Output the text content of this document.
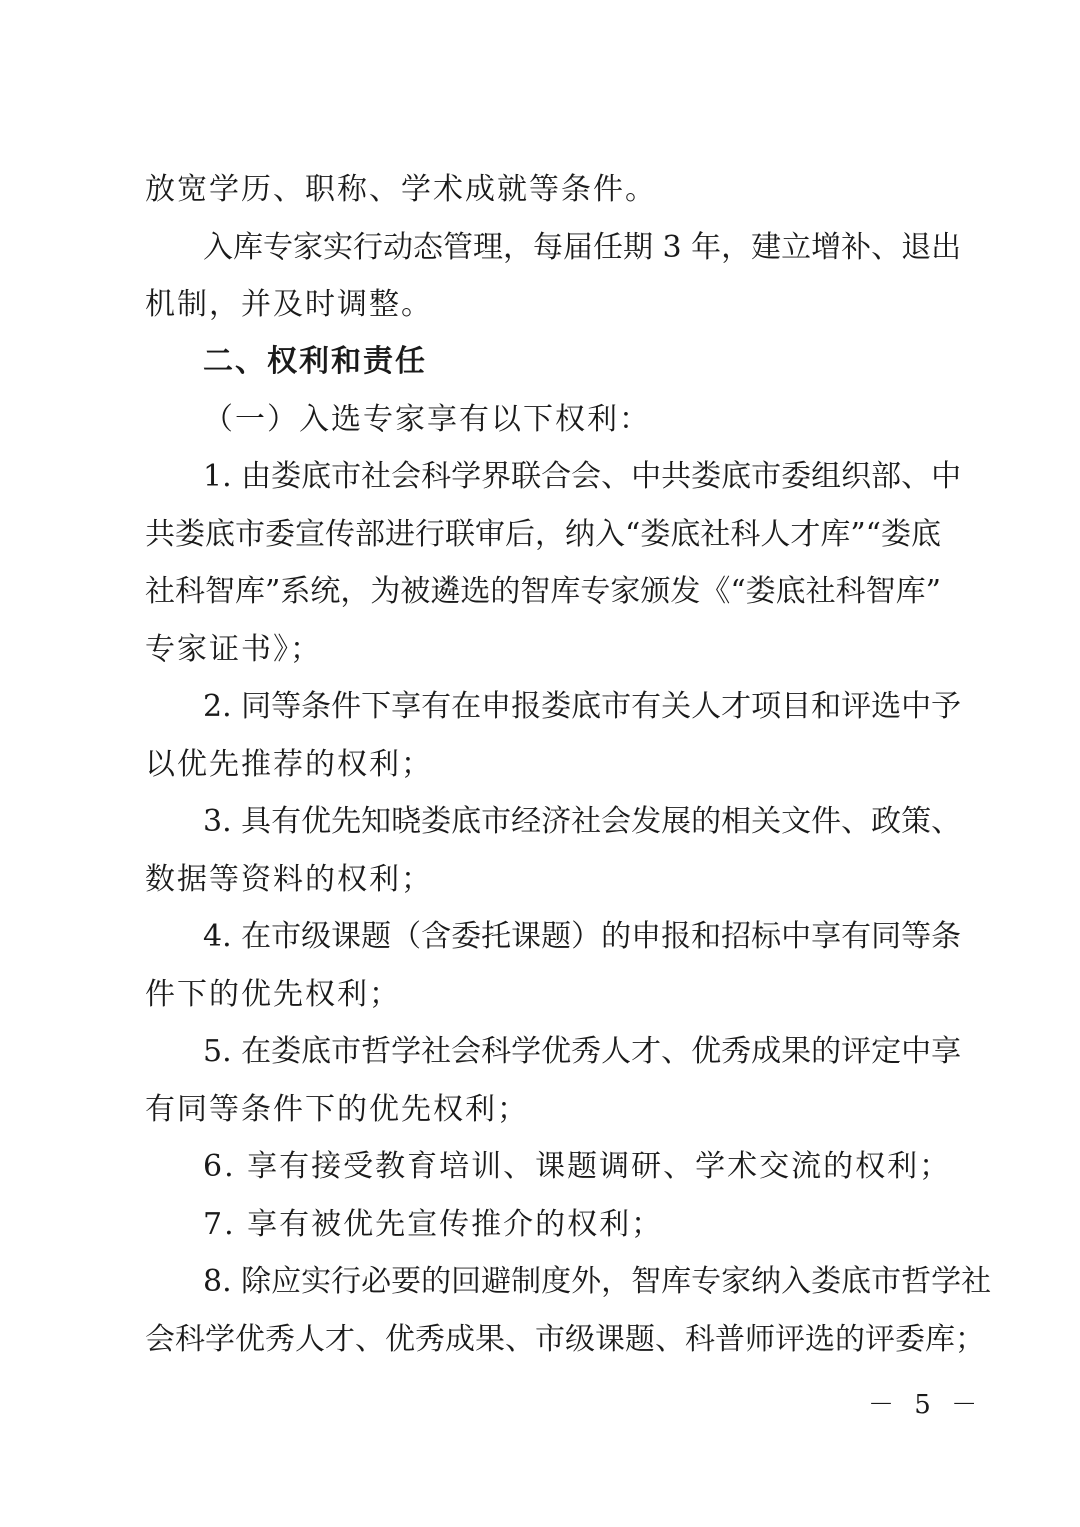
放宽学历、职称、学术成就等条件。
入库专家实行动态管理，每届任期 3 年，建立增补、退出
机制，并及时调整。
二、权利和责任
（一）入选专家享有以下权利：
1. 由娄底市社会科学界联合会、中共娄底市委组织部、中
共娄底市委宣传部进行联审后，纳入“娄底社科人才库”“娄底
社科智库”系统，为被遴选的智库专家颁发《“娄底社科智库”
专家证书》；
2. 同等条件下享有在申报娄底市有关人才项目和评选中予
以优先推荐的权利；
3. 具有优先知晓娄底市经济社会发展的相关文件、政策、
数据等资料的权利；
4. 在市级课题（含委托课题）的申报和招标中享有同等条
件下的优先权利；
5. 在娄底市哲学社会科学优秀人才、优秀成果的评定中享
有同等条件下的优先权利；
6. 享有接受教育培训、课题调研、学术交流的权利；
7. 享有被优先宣传推介的权利；
8. 除应实行必要的回避制度外，智库专家纳入娄底市哲学社
会科学优秀人才、优秀成果、市级课题、科普师评选的评委库；
－ 5 －
